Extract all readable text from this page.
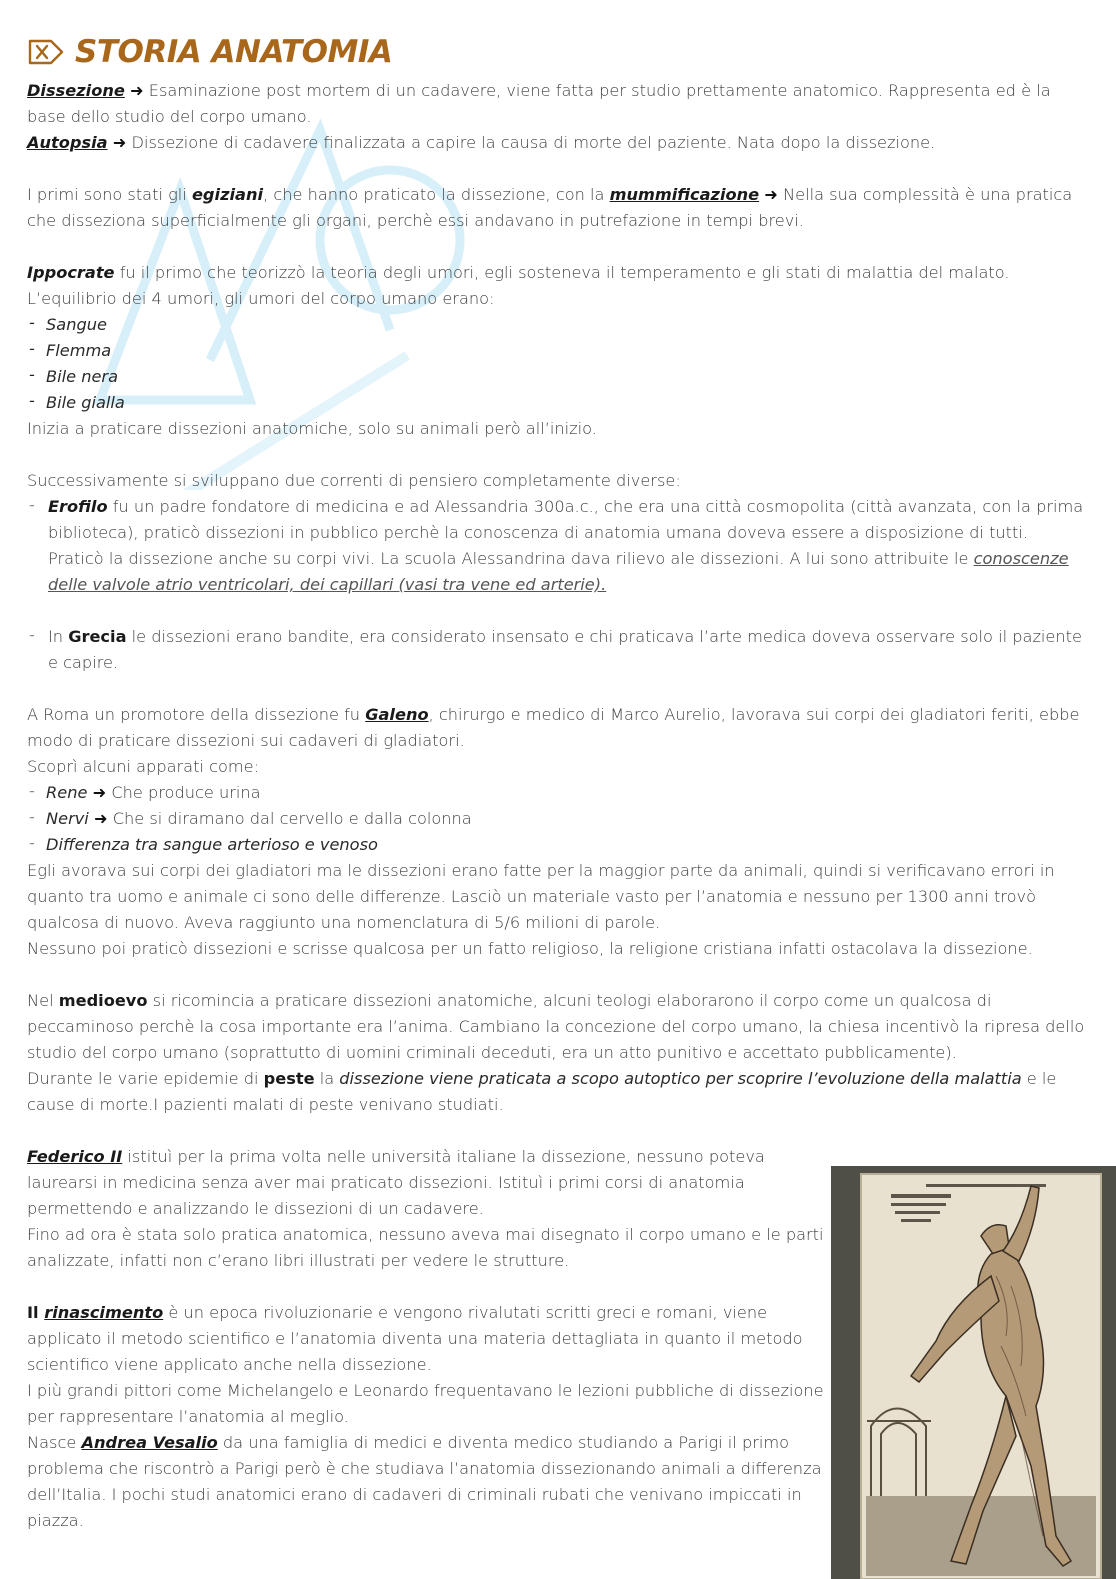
STORIA ANATOMIA

Dissezione ➜ Esaminazione post mortem di un cadavere, viene fatta per studio prettamente anatomico. Rappresenta ed è la base dello studio del corpo umano.

Autopsia ➜ Dissezione di cadavere finalizzata a capire la causa di morte del paziente. Nata dopo la dissezione.

I primi sono stati gli egiziani, che hanno praticato la dissezione, con la mummificazione ➜ Nella sua complessità è una pratica che disseziona superficialmente gli organi, perchè essi andavano in putrefazione in tempi brevi.

Ippocrate fu il primo che teorizzò la teoria degli umori, egli sosteneva il temperamento e gli stati di malattia del malato.

L’equilibrio dei 4 umori, gli umori del corpo umano erano:

- Sangue
- Flemma
- Bile nera
- Bile gialla

Inizia a praticare dissezioni anatomiche, solo su animali però all’inizio.

Successivamente si sviluppano due correnti di pensiero completamente diverse:

- Erofilo fu un padre fondatore di medicina e ad Alessandria 300a.c., che era una città cosmopolita (città avanzata, con la prima biblioteca), praticò dissezioni in pubblico perchè la conoscenza di anatomia umana doveva essere a disposizione di tutti. Praticò la dissezione anche su corpi vivi. La scuola Alessandrina dava rilievo ale dissezioni. A lui sono attribuite le conoscenze delle valvole atrio ventricolari, dei capillari (vasi tra vene ed arterie).
- In Grecia le dissezioni erano bandite, era considerato insensato e chi praticava l’arte medica doveva osservare solo il paziente e capire.

A Roma un promotore della dissezione fu Galeno, chirurgo e medico di Marco Aurelio, lavorava sui corpi dei gladiatori feriti, ebbe modo di praticare dissezioni sui cadaveri di gladiatori.

Scoprì alcuni apparati come:

- Rene ➜ Che produce urina
- Nervi ➜ Che si diramano dal cervello e dalla colonna
- Differenza tra sangue arterioso e venoso

Egli avorava sui corpi dei gladiatori ma le dissezioni erano fatte per la maggior parte da animali, quindi si verificavano errori in quanto tra uomo e animale ci sono delle differenze. Lasciò un materiale vasto per l’anatomia e nessuno per 1300 anni trovò qualcosa di nuovo. Aveva raggiunto una nomenclatura di 5/6 milioni di parole.

Nessuno poi praticò dissezioni e scrisse qualcosa per un fatto religioso, la religione cristiana infatti ostacolava la dissezione.

Nel medioevo si ricomincia a praticare dissezioni anatomiche, alcuni teologi elaborarono il corpo come un qualcosa di peccaminoso perchè la cosa importante era l’anima. Cambiano la concezione del corpo umano, la chiesa incentivò la ripresa dello studio del corpo umano (soprattutto di uomini criminali deceduti, era un atto punitivo e accettato pubblicamente).

Durante le varie epidemie di peste la dissezione viene praticata a scopo autoptico per scoprire l’evoluzione della malattia e le cause di morte.I pazienti malati di peste venivano studiati.

Federico II istituì per la prima volta nelle università italiane la dissezione, nessuno poteva laurearsi in medicina senza aver mai praticato dissezioni. Istituì i primi corsi di anatomia permettendo e analizzando le dissezioni di un cadavere.

Fino ad ora è stata solo pratica anatomica, nessuno aveva mai disegnato il corpo umano e le parti analizzate, infatti non c’erano libri illustrati per vedere le strutture.

Il rinascimento è un epoca rivoluzionarie e vengono rivalutati scritti greci e romani, viene applicato il metodo scientifico e l’anatomia diventa una materia dettagliata in quanto il metodo scientifico viene applicato anche nella dissezione.

I più grandi pittori come Michelangelo e Leonardo frequentavano le lezioni pubbliche di dissezione per rappresentare l’anatomia al meglio.

Nasce Andrea Vesalio da una famiglia di medici e diventa medico studiando a Parigi il primo problema che riscontrò a Parigi però è che studiava l’anatomia dissezionando animali a differenza dell’Italia. I pochi studi anatomici erano di cadaveri di criminali rubati che venivano impiccati in piazza.
